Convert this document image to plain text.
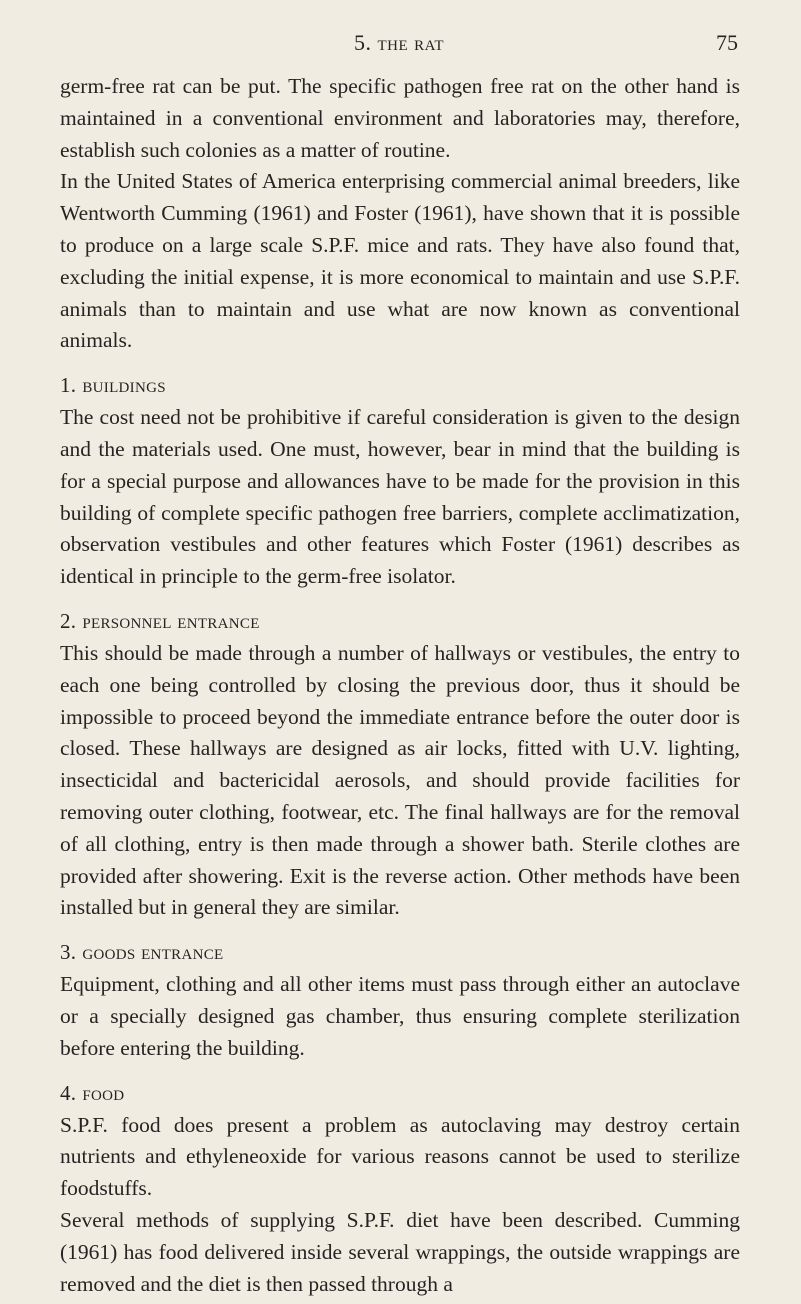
5. the rat	75

germ-free rat can be put. The specific pathogen free rat on the other hand is maintained in a conventional environment and laboratories may, therefore, establish such colonies as a matter of routine.

In the United States of America enterprising commercial animal breeders, like Wentworth Cumming (1961) and Foster (1961), have shown that it is possible to produce on a large scale S.P.F. mice and rats. They have also found that, excluding the initial expense, it is more economical to maintain and use S.P.F. animals than to maintain and use what are now known as conventional animals.

1. buildings

The cost need not be prohibitive if careful consideration is given to the design and the materials used. One must, however, bear in mind that the building is for a special purpose and allowances have to be made for the provision in this building of complete specific pathogen free barriers, complete acclimatization, observation vestibules and other features which Foster (1961) describes as identical in principle to the germ-free isolator.

2. personnel entrance

This should be made through a number of hallways or vestibules, the entry to each one being controlled by closing the previous door, thus it should be impossible to proceed beyond the immediate entrance before the outer door is closed. These hallways are designed as air locks, fitted with U.V. lighting, insecticidal and bactericidal aerosols, and should provide facilities for removing outer clothing, footwear, etc. The final hallways are for the removal of all clothing, entry is then made through a shower bath. Sterile clothes are provided after showering. Exit is the reverse action. Other methods have been installed but in general they are similar.

3. goods entrance

Equipment, clothing and all other items must pass through either an autoclave or a specially designed gas chamber, thus ensuring complete sterilization before entering the building.

4. food

S.P.F. food does present a problem as autoclaving may destroy certain nutrients and ethyleneoxide for various reasons cannot be used to sterilize foodstuffs.

Several methods of supplying S.P.F. diet have been described. Cumming (1961) has food delivered inside several wrappings, the outside wrappings are removed and the diet is then passed through a
